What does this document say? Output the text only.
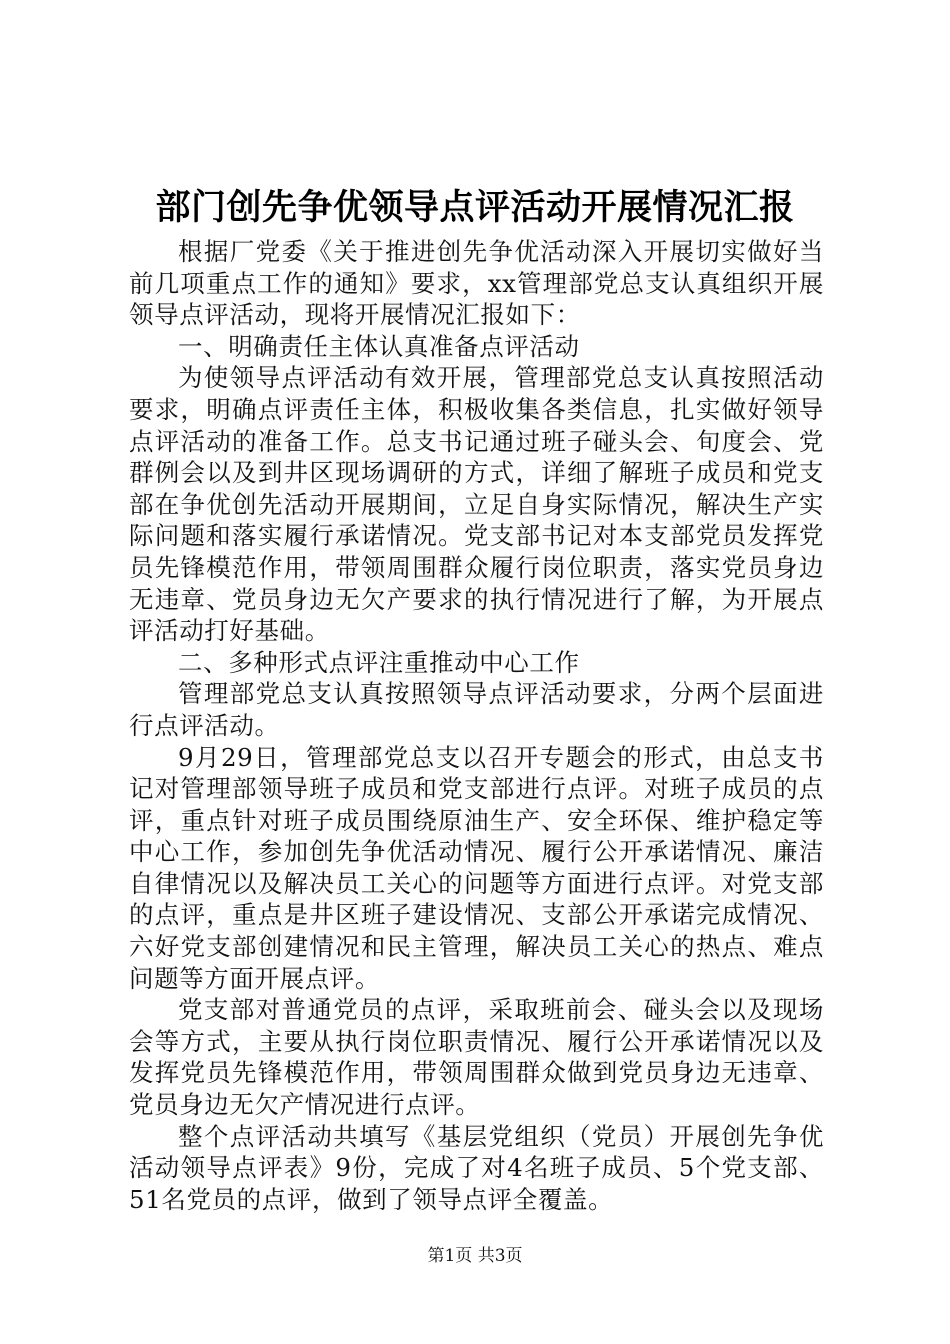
部门创先争优领导点评活动开展情况汇报

根据厂党委《关于推进创先争优活动深入开展切实做好当前几项重点工作的通知》要求，xx管理部党总支认真组织开展领导点评活动，现将开展情况汇报如下：

一、明确责任主体认真准备点评活动

为使领导点评活动有效开展，管理部党总支认真按照活动要求，明确点评责任主体，积极收集各类信息，扎实做好领导点评活动的准备工作。总支书记通过班子碰头会、旬度会、党群例会以及到井区现场调研的方式，详细了解班子成员和党支部在争优创先活动开展期间，立足自身实际情况，解决生产实际问题和落实履行承诺情况。党支部书记对本支部党员发挥党员先锋模范作用，带领周围群众履行岗位职责，落实党员身边无违章、党员身边无欠产要求的执行情况进行了解，为开展点评活动打好基础。

二、多种形式点评注重推动中心工作

管理部党总支认真按照领导点评活动要求，分两个层面进行点评活动。

9月29日，管理部党总支以召开专题会的形式，由总支书记对管理部领导班子成员和党支部进行点评。对班子成员的点评，重点针对班子成员围绕原油生产、安全环保、维护稳定等中心工作，参加创先争优活动情况、履行公开承诺情况、廉洁自律情况以及解决员工关心的问题等方面进行点评。对党支部的点评，重点是井区班子建设情况、支部公开承诺完成情况、六好党支部创建情况和民主管理，解决员工关心的热点、难点问题等方面开展点评。

党支部对普通党员的点评，采取班前会、碰头会以及现场会等方式，主要从执行岗位职责情况、履行公开承诺情况以及发挥党员先锋模范作用，带领周围群众做到党员身边无违章、党员身边无欠产情况进行点评。

整个点评活动共填写《基层党组织（党员）开展创先争优活动领导点评表》9份，完成了对4名班子成员、5个党支部、51名党员的点评，做到了领导点评全覆盖。

第1页 共3页
